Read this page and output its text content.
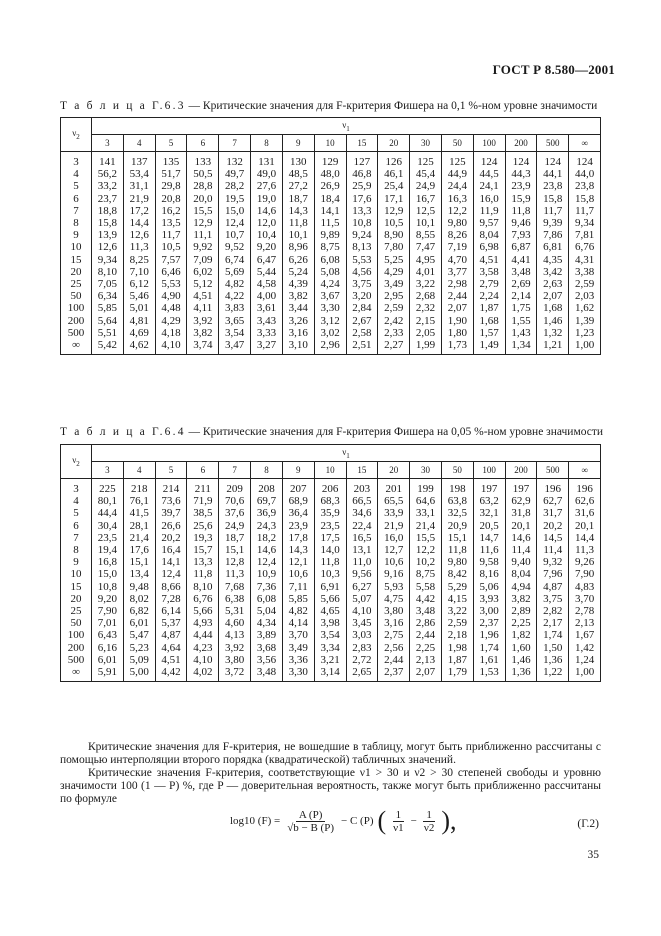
ГОСТ Р 8.580—2001
Т а б л и ц а Г.6.3 — Критические значения для F-критерия Фишера на 0,1 %-ном уровне значимости
$\nu_2$	$\nu_1$
	3	4	5	6	7	8	9	10	15	20	30	50	100	200	500	∞
3	141	137	135	133	132	131	130	129	127	126	125	125	124	124	124	124
4	56,2	53,4	51,7	50,5	49,7	49,0	48,5	48,0	46,8	46,1	45,4	44,9	44,5	44,3	44,1	44,0
5	33,2	31,1	29,8	28,8	28,2	27,6	27,2	26,9	25,9	25,4	24,9	24,4	24,1	23,9	23,8	23,8
6	23,7	21,9	20,8	20,0	19,5	19,0	18,7	18,4	17,6	17,1	16,7	16,3	16,0	15,9	15,8	15,8
7	18,8	17,2	16,2	15,5	15,0	14,6	14,3	14,1	13,3	12,9	12,5	12,2	11,9	11,8	11,7	11,7
8	15,8	14,4	13,5	12,9	12,4	12,0	11,8	11,5	10,8	10,5	10,1	9,80	9,57	9,46	9,39	9,34
9	13,9	12,6	11,7	11,1	10,7	10,4	10,1	9,89	9,24	8,90	8,55	8,26	8,04	7,93	7,86	7,81
10	12,6	11,3	10,5	9,92	9,52	9,20	8,96	8,75	8,13	7,80	7,47	7,19	6,98	6,87	6,81	6,76
15	9,34	8,25	7,57	7,09	6,74	6,47	6,26	6,08	5,53	5,25	4,95	4,70	4,51	4,41	4,35	4,31
20	8,10	7,10	6,46	6,02	5,69	5,44	5,24	5,08	4,56	4,29	4,01	3,77	3,58	3,48	3,42	3,38
25	7,05	6,12	5,53	5,12	4,82	4,58	4,39	4,24	3,75	3,49	3,22	2,98	2,79	2,69	2,63	2,59
50	6,34	5,46	4,90	4,51	4,22	4,00	3,82	3,67	3,20	2,95	2,68	2,44	2,24	2,14	2,07	2,03
100	5,85	5,01	4,48	4,11	3,83	3,61	3,44	3,30	2,84	2,59	2,32	2,07	1,87	1,75	1,68	1,62
200	5,64	4,81	4,29	3,92	3,65	3,43	3,26	3,12	2,67	2,42	2,15	1,90	1,68	1,55	1,46	1,39
500	5,51	4,69	4,18	3,82	3,54	3,33	3,16	3,02	2,58	2,33	2,05	1,80	1,57	1,43	1,32	1,23
∞	5,42	4,62	4,10	3,74	3,47	3,27	3,10	2,96	2,51	2,27	1,99	1,73	1,49	1,34	1,21	1,00
Т а б л и ц а Г.6.4 — Критические значения для F-критерия Фишера на 0,05 %-ном уровне значимости
$\nu_2$	$\nu_1$
	3	4	5	6	7	8	9	10	15	20	30	50	100	200	500	∞
3	225	218	214	211	209	208	207	206	203	201	199	198	197	197	196	196
4	80,1	76,1	73,6	71,9	70,6	69,7	68,9	68,3	66,5	65,5	64,6	63,8	63,2	62,9	62,7	62,6
5	44,4	41,5	39,7	38,5	37,6	36,9	36,4	35,9	34,6	33,9	33,1	32,5	32,1	31,8	31,7	31,6
6	30,4	28,1	26,6	25,6	24,9	24,3	23,9	23,5	22,4	21,9	21,4	20,9	20,5	20,1	20,2	20,1
7	23,5	21,4	20,2	19,3	18,7	18,2	17,8	17,5	16,5	16,0	15,5	15,1	14,7	14,6	14,5	14,4
8	19,4	17,6	16,4	15,7	15,1	14,6	14,3	14,0	13,1	12,7	12,2	11,8	11,6	11,4	11,4	11,3
9	16,8	15,1	14,1	13,3	12,8	12,4	12,1	11,8	11,0	10,6	10,2	9,80	9,58	9,40	9,32	9,26
10	15,0	13,4	12,4	11,8	11,3	10,9	10,6	10,3	9,56	9,16	8,75	8,42	8,16	8,04	7,96	7,90
15	10,8	9,48	8,66	8,10	7,68	7,36	7,11	6,91	6,27	5,93	5,58	5,29	5,06	4,94	4,87	4,83
20	9,20	8,02	7,28	6,76	6,38	6,08	5,85	5,66	5,07	4,75	4,42	4,15	3,93	3,82	3,75	3,70
25	7,90	6,82	6,14	5,66	5,31	5,04	4,82	4,65	4,10	3,80	3,48	3,22	3,00	2,89	2,82	2,78
50	7,01	6,01	5,37	4,93	4,60	4,34	4,14	3,98	3,45	3,16	2,86	2,59	2,37	2,25	2,17	2,13
100	6,43	5,47	4,87	4,44	4,13	3,89	3,70	3,54	3,03	2,75	2,44	2,18	1,96	1,82	1,74	1,67
200	6,16	5,23	4,64	4,23	3,92	3,68	3,49	3,34	2,83	2,56	2,25	1,98	1,74	1,60	1,50	1,42
500	6,01	5,09	4,51	4,10	3,80	3,56	3,36	3,21	2,72	2,44	2,13	1,87	1,61	1,46	1,36	1,24
∞	5,91	5,00	4,42	4,02	3,72	3,48	3,30	3,14	2,65	2,37	2,07	1,79	1,53	1,36	1,22	1,00

Критические значения для F-критерия, не вошедшие в таблицу, могут быть приближенно рассчитаны с помощью интерполяции второго порядка (квадратической) табличных значений.

Критические значения F-критерия, соответствующие ν1 > 30 и ν2 > 30 степеней свободы и уровню значимости 100 (1 — P) %, где P — доверительная вероятность, также могут быть приближенно рассчитаны по формуле

log10 $(F) = \frac{A (P)}{√b - B (P)} - C$ (P) ( $\frac{1}{\nu 1} - \frac{1}{\nu 2}$ ),	(Г.2)
35
